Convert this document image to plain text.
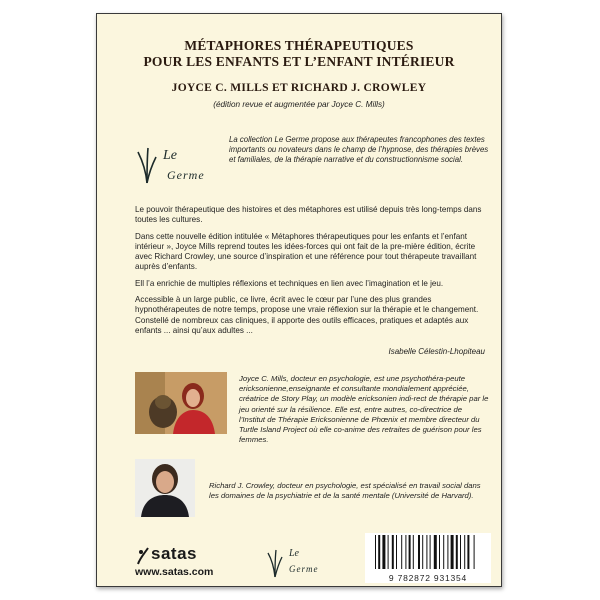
MÉTAPHORES THÉRAPEUTIQUES
POUR LES ENFANTS ET L’ENFANT INTÉRIEUR
JOYCE C. MILLS ET RICHARD J. CROWLEY
(édition revue et augmentée par Joyce C. Mills)
Le
Germe
La collection Le Germe propose aux thérapeutes francophones des textes importants ou novateurs dans le champ de l’hypnose, des thérapies brèves et familiales, de la thérapie narrative et du constructionnisme social.

Le pouvoir thérapeutique des histoires et des métaphores est utilisé depuis très long-temps dans toutes les cultures.

Dans cette nouvelle édition intitulée « Métaphores thérapeutiques pour les enfants et l’enfant intérieur », Joyce Mills reprend toutes les idées-forces qui ont fait de la pre-mière édition, écrite avec Richard Crowley, une source d’inspiration et une référence pour tout thérapeute travaillant auprès d’enfants.

Ell l’a enrichie de multiples réflexions et techniques en lien avec l’imagination et le jeu.

Accessible à un large public, ce livre, écrit avec le cœur par l’une des plus grandes hypnothérapeutes de notre temps, propose une vraie réflexion sur la thérapie et le changement. Constellé de nombreux cas cliniques, il apporte des outils efficaces, pratiques et adaptés aux enfants ... ainsi qu’aux adultes ...

Isabelle Célestin-Lhopiteau
Joyce C. Mills, docteur en psychologie, est une psychothéra-peute ericksonienne,enseignante et consultante mondialement appréciée, créatrice de Story Play, un modèle ericksonien indi-rect de thérapie par le jeu orienté sur la résilience. Elle est, entre autres, co-directrice de l’Institut de Thérapie Ericksonienne de Phœnix et membre directeur du Turtle Island Project où elle co-anime des retraites de guérison pour les femmes.
Richard J. Crowley, docteur en psychologie, est spécialisé en travail social dans les domaines de la psychiatrie et de la santé mentale (Université de Harvard).
satas
www.satas.com
Le
Germe
9 782872 931354
